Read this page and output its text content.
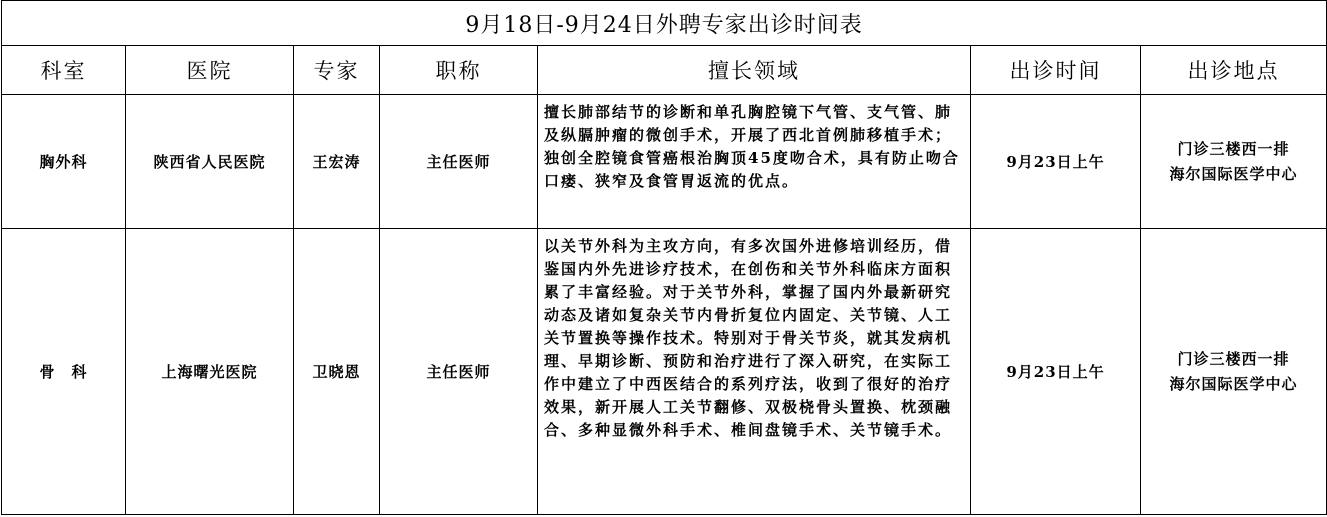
9月18日-9月24日外聘专家出诊时间表						
科室	医院	专家	职称	擅长领域	出诊时间	出诊地点
胸外科	陕西省人民医院	王宏涛	主任医师	擅长肺部结节的诊断和单孔胸腔镜下气管、支气管、肺及纵膈肿瘤的微创手术，开展了西北首例肺移植手术；独创全腔镜食管癌根治胸顶45度吻合术，具有防止吻合口瘘、狭窄及食管胃返流的优点。	9月23日上午	门诊三楼西一排
海尔国际医学中心

骨　科	上海曙光医院	卫晓恩	主任医师	以关节外科为主攻方向，有多次国外进修培训经历，借鉴国内外先进诊疗技术，在创伤和关节外科临床方面积累了丰富经验。对于关节外科，掌握了国内外最新研究动态及诸如复杂关节内骨折复位内固定、关节镜、人工关节置换等操作技术。特别对于骨关节炎，就其发病机理、早期诊断、预防和治疗进行了深入研究，在实际工作中建立了中西医结合的系列疗法，收到了很好的治疗效果，新开展人工关节翻修、双极桡骨头置换、枕颈融合、多种显微外科手术、椎间盘镜手术、关节镜手术。	9月23日上午	门诊三楼西一排
海尔国际医学中心
